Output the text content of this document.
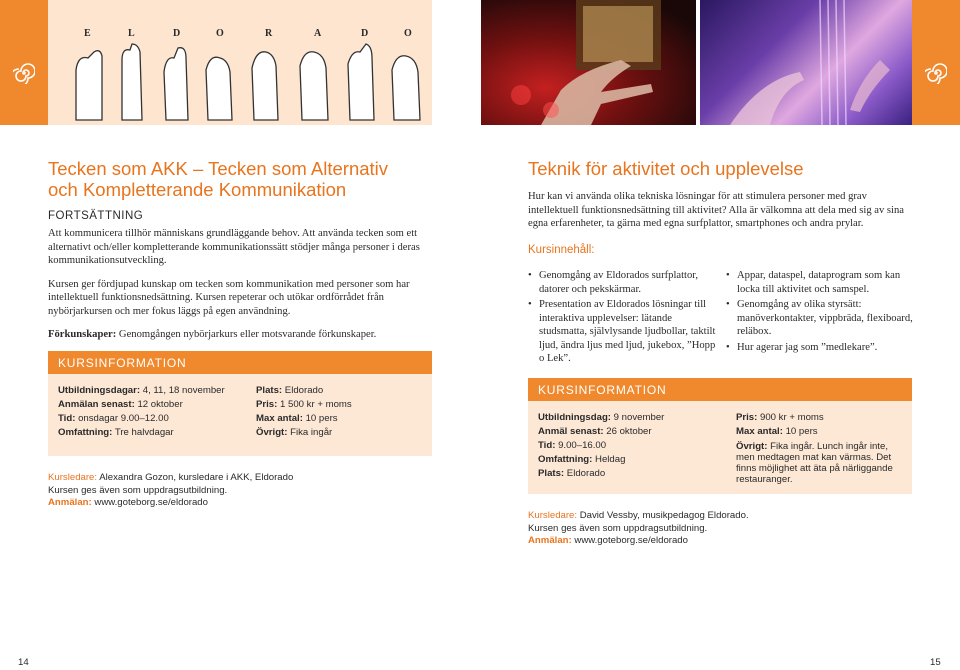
E	L	D	O	R	A	D	O
Tecken som AKK – Tecken som Alternativ
och Kompletterande Kommunikation
FORTSÄTTNING

Att kommunicera tillhör människans grundläggande behov. Att använda tecken som ett alternativt och/eller kompletterande kommunikationssätt stödjer många personer i deras kommunikationsutveckling.

Kursen ger fördjupad kunskap om tecken som kommunikation med personer som har intellektuell funktionsnedsättning. Kursen repeterar och utökar ordförrådet från nybörjarkursen och mer fokus läggs på egen användning.

Förkunskaper: Genomgången nybörjarkurs eller motsvarande förkunskaper.

KURSINFORMATION
Utbildningsdagar: 4, 11, 18 november
Anmälan senast: 12 oktober
Tid: onsdagar 9.00–12.00
Omfattning: Tre halvdagar
Plats: Eldorado
Pris: 1 500 kr + moms
Max antal: 10 pers
Övrigt: Fika ingår
Kursledare: Alexandra Gozon, kursledare i AKK, Eldorado
Kursen ges även som uppdragsutbildning.
Anmälan: www.goteborg.se/eldorado
14
Teknik för aktivitet och upplevelse

Hur kan vi använda olika tekniska lösningar för att stimulera personer med grav intellektuell funktionsnedsättning till aktivitet? Alla är välkomna att dela med sig av sina egna erfarenheter, ta gärna med egna surfplattor, smartphones och andra prylar.

Kursinnehåll:
• Genomgång av Eldorados surfplattor, datorer och pekskärmar.
• Presentation av Eldorados lösningar till interaktiva upplevelser: lätande studsmatta, självlysande ljudbollar, taktilt ljud, ändra ljus med ljud, jukebox, ”Hopp o Lek”.
• Appar, dataspel, dataprogram som kan locka till aktivitet och samspel.
• Genomgång av olika styrsätt: manöverkontakter, vippbräda, flexiboard, reläbox.
• Hur agerar jag som ”medlekare”.
KURSINFORMATION
Utbildningsdag: 9 november
Anmäl senast: 26 oktober
Tid: 9.00–16.00
Omfattning: Heldag
Plats: Eldorado
Pris: 900 kr + moms
Max antal: 10 pers
Övrigt: Fika ingår. Lunch ingår inte, men medtagen mat kan värmas. Det finns möjlighet att äta på närliggande restauranger.
Kursledare: David Vessby, musikpedagog Eldorado.
Kursen ges även som uppdragsutbildning.
Anmälan: www.goteborg.se/eldorado
15
